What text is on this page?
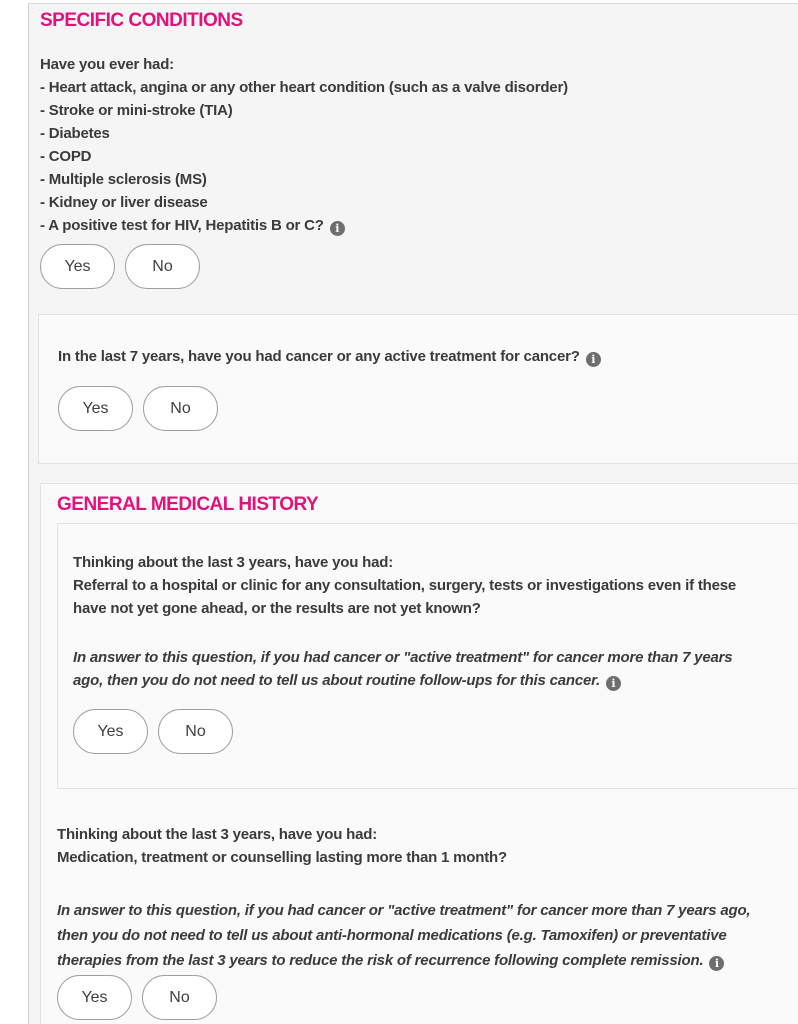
SPECIFIC CONDITIONS
Have you ever had:
- Heart attack, angina or any other heart condition (such as a valve disorder)
- Stroke or mini-stroke (TIA)
- Diabetes
- COPD
- Multiple sclerosis (MS)
- Kidney or liver disease
- A positive test for HIV, Hepatitis B or C? i
Yes	No
In the last 7 years, have you had cancer or any active treatment for cancer? i
Yes	No
GENERAL MEDICAL HISTORY
Thinking about the last 3 years, have you had:
Referral to a hospital or clinic for any consultation, surgery, tests or investigations even if these
have not yet gone ahead, or the results are not yet known?
In answer to this question, if you had cancer or "active treatment" for cancer more than 7 years
ago, then you do not need to tell us about routine follow-ups for this cancer. i
Yes	No
Thinking about the last 3 years, have you had:
Medication, treatment or counselling lasting more than 1 month?
In answer to this question, if you had cancer or "active treatment" for cancer more than 7 years ago,
then you do not need to tell us about anti-hormonal medications (e.g. Tamoxifen) or preventative
therapies from the last 3 years to reduce the risk of recurrence following complete remission. i
Yes	No
